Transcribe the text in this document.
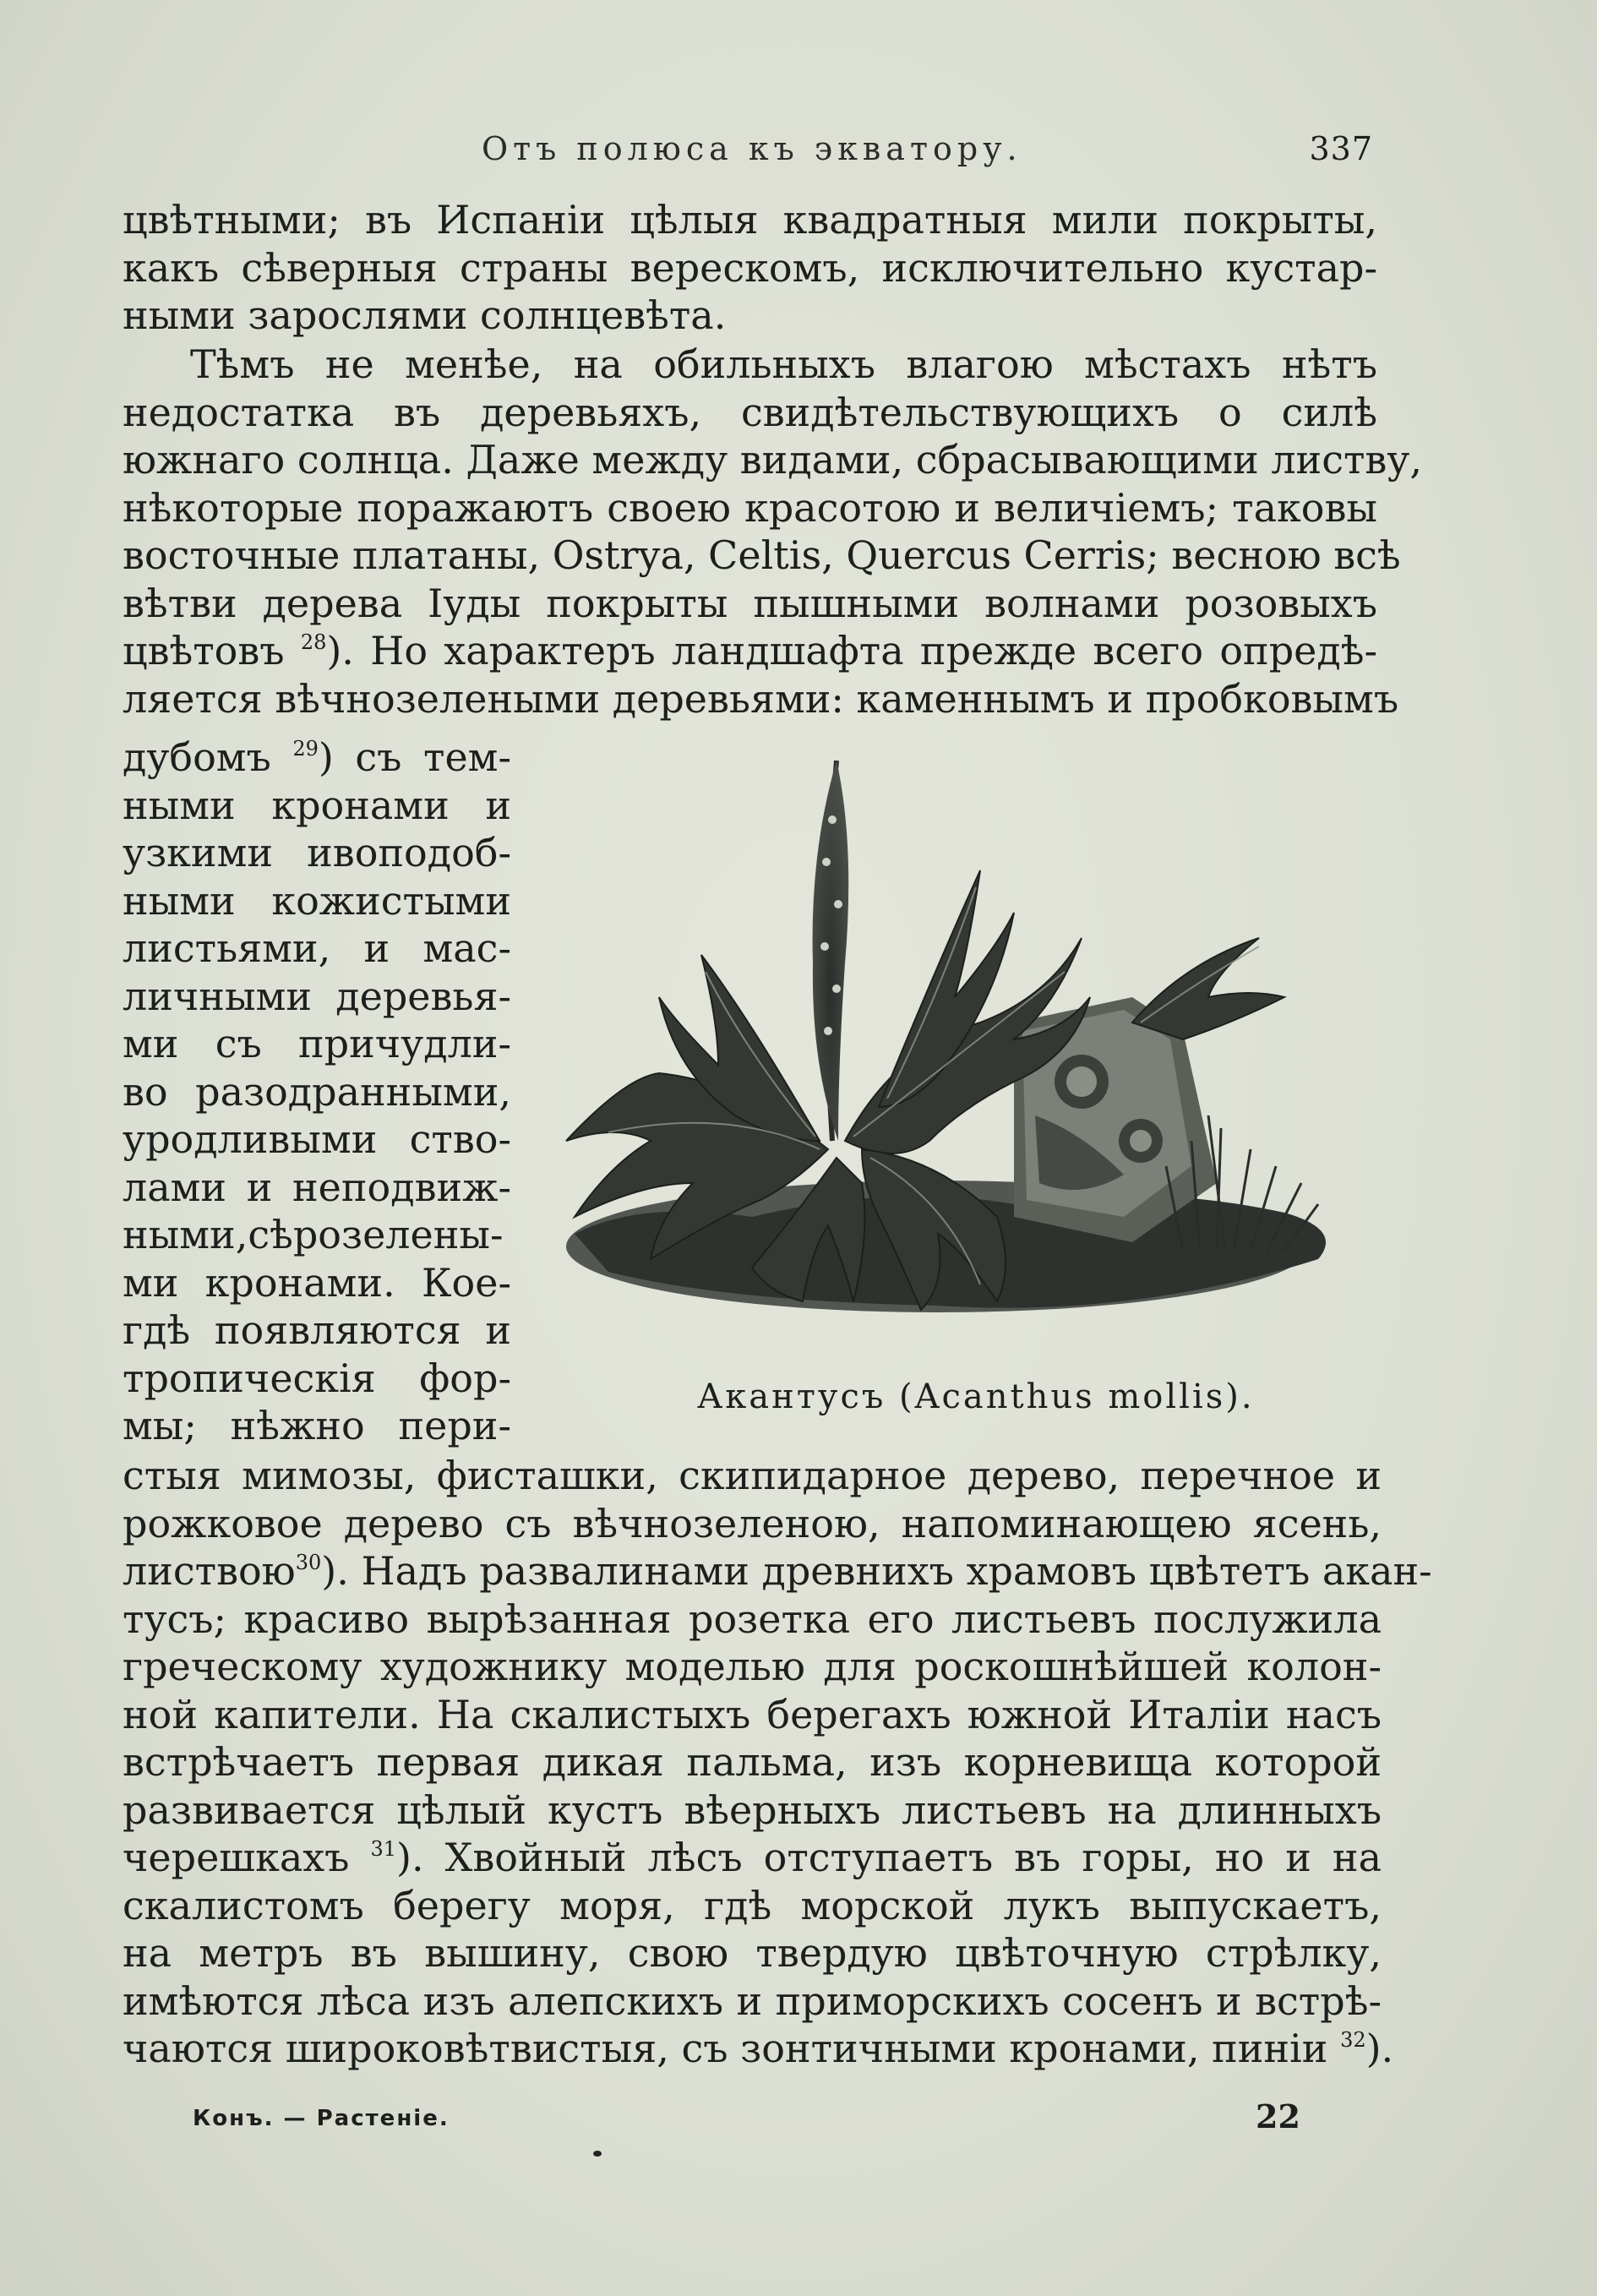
Отъ полюса къ экватору.	337
цвѣтными; въ Испаніи цѣлыя квадратныя мили покрыты,
какъ сѣверныя страны верескомъ, исключительно кустар-
ными зарослями солнцевѣта.
Тѣмъ не менѣе, на обильныхъ влагою мѣстахъ нѣтъ
недостатка въ деревьяхъ, свидѣтельствующихъ о силѣ
южнаго солнца. Даже между видами, сбрасывающими листву,
нѣкоторые поражаютъ своею красотою и величіемъ; таковы
восточные платаны, Ostrya, Celtis, Quercus Cerris; весною всѣ
вѣтви дерева Іуды покрыты пышными волнами розовыхъ
цвѣтовъ $^{28}$). Но характеръ ландшафта прежде всего опредѣ-
ляется вѣчнозелеными деревьями: каменнымъ и пробковымъ
дубомъ $^{29}$) съ тем-
ными кронами и
узкими ивоподоб-
ными кожистыми
листьями, и мас-
личными деревья-
ми съ причудли-
во разодранными,
уродливыми ство-
лами и неподвиж-
ными,сѣрозелены-
ми кронами. Кое-
гдѣ появляются и
тропическія фор-
мы; нѣжно пери-
Акантусъ (Acanthus mollis).
стыя мимозы, фисташки, скипидарное дерево, перечное и
рожковое дерево съ вѣчнозеленою, напоминающею ясень,
листвою$^{30}$). Надъ развалинами древнихъ храмовъ цвѣтетъ акан-
тусъ; красиво вырѣзанная розетка его листьевъ послужила
греческому художнику моделью для роскошнѣйшей колон-
ной капители. На скалистыхъ берегахъ южной Италіи насъ
встрѣчаетъ первая дикая пальма, изъ корневища которой
развивается цѣлый кустъ вѣерныхъ листьевъ на длинныхъ
черешкахъ $^{31}$). Хвойный лѣсъ отступаетъ въ горы, но и на
скалистомъ берегу моря, гдѣ морской лукъ выпускаетъ,
на метръ въ вышину, свою твердую цвѣточную стрѣлку,
имѣются лѣса изъ алепскихъ и приморскихъ сосенъ и встрѣ-
чаются широковѣтвистыя, съ зонтичными кронами, пиніи $^{32}$).
Конъ. — Растеніе.	22
